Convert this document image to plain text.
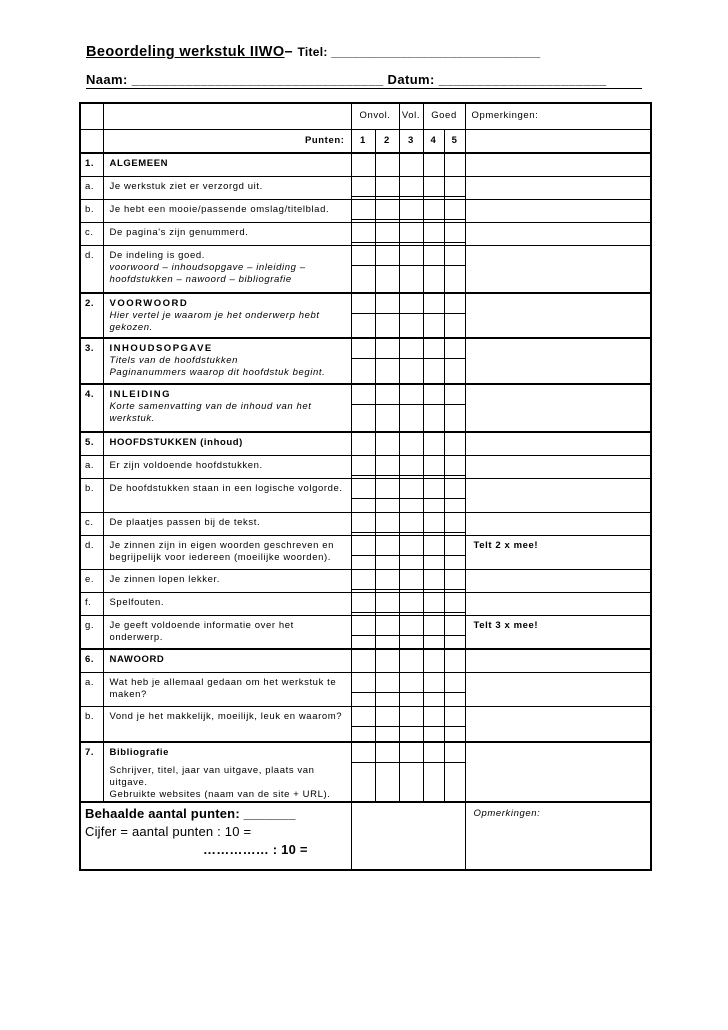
Beoordeling werkstuk IIWO– Titel: ______________________________
Naam: _________________________________ Datum: ______________________
		Onvol.		Vol.	Goed		Opmerkingen:
	Punten:	1	2	3	4	5	
1.	ALGEMEEN						
a.	Je werkstuk ziet er verzorgd uit.	

b.	Je hebt een mooie/passende omslag/titelblad.	

c.	De pagina's zijn genummerd.	

d.	De indeling is goed.
voorwoord – inhoudsopgave – inleiding – hoofdstukken – nawoord – bibliografie						

2.	VOORWOORD
Hier vertel je waarom je het onderwerp hebt gekozen.						

3.	INHOUDSOPGAVE
Titels van de hoofdstukken
Paginanummers waarop dit hoofdstuk begint.						

4.	INLEIDING
Korte samenvatting van de inhoud van het werkstuk.						

5.	HOOFDSTUKKEN (inhoud)						
a.	Er zijn voldoende hoofdstukken.	

b.	De hoofdstukken staan in een logische volgorde.	

c.	De plaatjes passen bij de tekst.	

d.	Je zinnen zijn in eigen woorden geschreven en begrijpelijk voor iedereen (moeilijke woorden).						Telt 2 x mee!
e.	Je zinnen lopen lekker.	

f.	Spelfouten.	

g.	Je geeft voldoende informatie over het onderwerp.						Telt 3 x mee!
6.	NAWOORD						
a.	Wat heb je allemaal gedaan om het werkstuk te maken?	

b.	Vond je het makkelijk, moeilijk, leuk en waarom?	

7.	Bibliografie
Schrijver, titel, jaar van uitgave, plaats van uitgave.
Gebruikte websites (naam van de site + URL).						

Behaalde aantal punten: _______
Cijfer = aantal punten : 10 =
…………… : 10 =							Opmerkingen:
